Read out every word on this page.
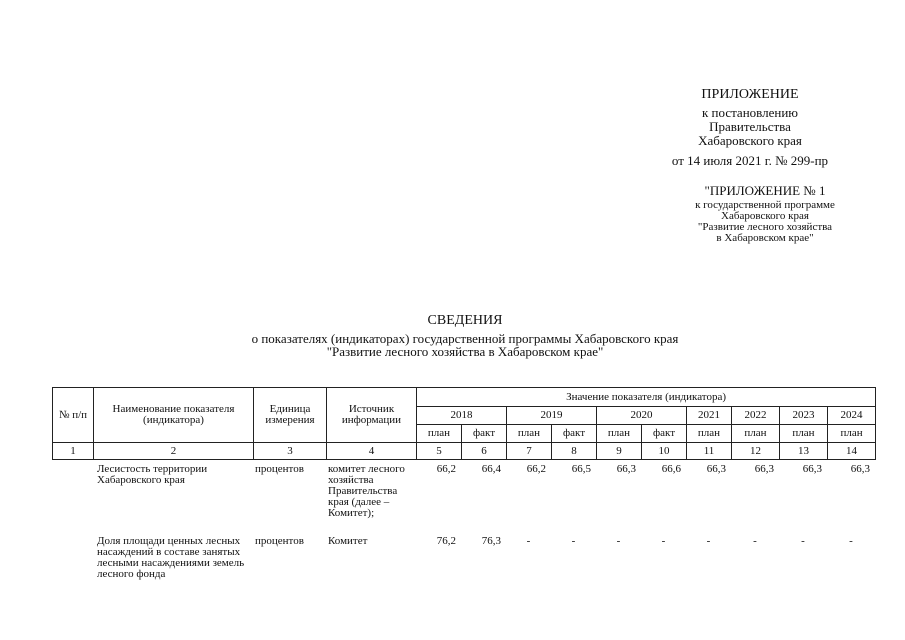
ПРИЛОЖЕНИЕ
к постановлению
Правительства
Хабаровского края
от 14 июля 2021 г. № 299-пр
"ПРИЛОЖЕНИЕ № 1
к государственной программе
Хабаровского края
"Развитие лесного хозяйства
в Хабаровском крае"
СВЕДЕНИЯ
о показателях (индикаторах) государственной программы Хабаровского края
"Развитие лесного хозяйства в Хабаровском крае"
№ п/п	Наименование показателя (индикатора)	Единица измерения	Источник информации	Значение показателя (индикатора)									
				2018		2019		2020		2021	2022	2023	2024
				план	факт	план	факт	план	факт	план	план	план	план
1	2	3	4	5	6	7	8	9	10	11	12	13	14
	Лесистость территории Хабаровского края	процентов	комитет лесного хозяйства Правительства края (далее – Комитет);	66,2	66,4	66,2	66,5	66,3	66,6	66,3	66,3	66,3	66,3
	Доля площади ценных лесных насаждений в составе занятых лесными насаждениями земель лесного фонда	процентов	Комитет	76,2	76,3	-	-	-	-	-	-	-	-
